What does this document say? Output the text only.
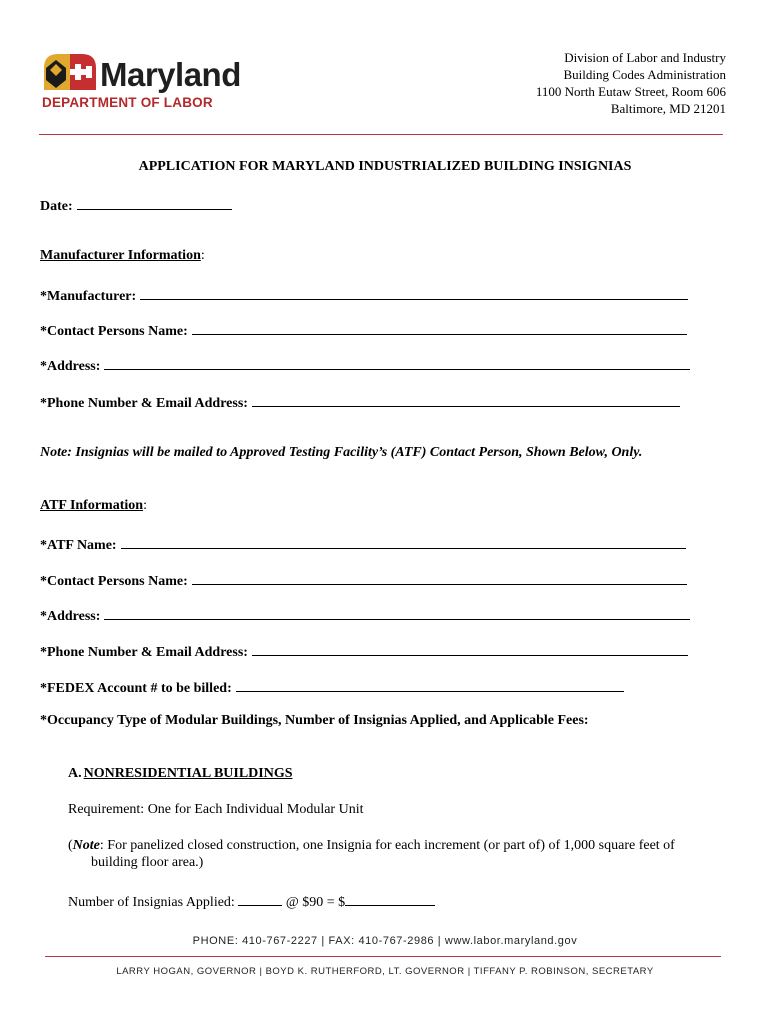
Maryland
DEPARTMENT OF LABOR
Division of Labor and Industry
Building Codes Administration
1100 North Eutaw Street, Room 606
Baltimore, MD 21201
APPLICATION FOR MARYLAND INDUSTRIALIZED BUILDING INSIGNIAS
Date:
Manufacturer Information:
*Manufacturer:
*Contact Persons Name:
*Address:
*Phone Number & Email Address:
Note: Insignias will be mailed to Approved Testing Facility’s (ATF) Contact Person, Shown Below, Only.
ATF Information:
*ATF Name:
*Contact Persons Name:
*Address:
*Phone Number & Email Address:
*FEDEX Account # to be billed:
*Occupancy Type of Modular Buildings, Number of Insignias Applied, and Applicable Fees:
A. NONRESIDENTIAL BUILDINGS
Requirement: One for Each Individual Modular Unit
(Note: For panelized closed construction, one Insignia for each increment (or part of) of 1,000 square feet of
building floor area.)
Number of Insignias Applied:	@ $90 = $
PHONE: 410-767-2227 | FAX: 410-767-2986 | www.labor.maryland.gov
LARRY HOGAN, GOVERNOR | BOYD K. RUTHERFORD, LT. GOVERNOR | TIFFANY P. ROBINSON, SECRETARY
